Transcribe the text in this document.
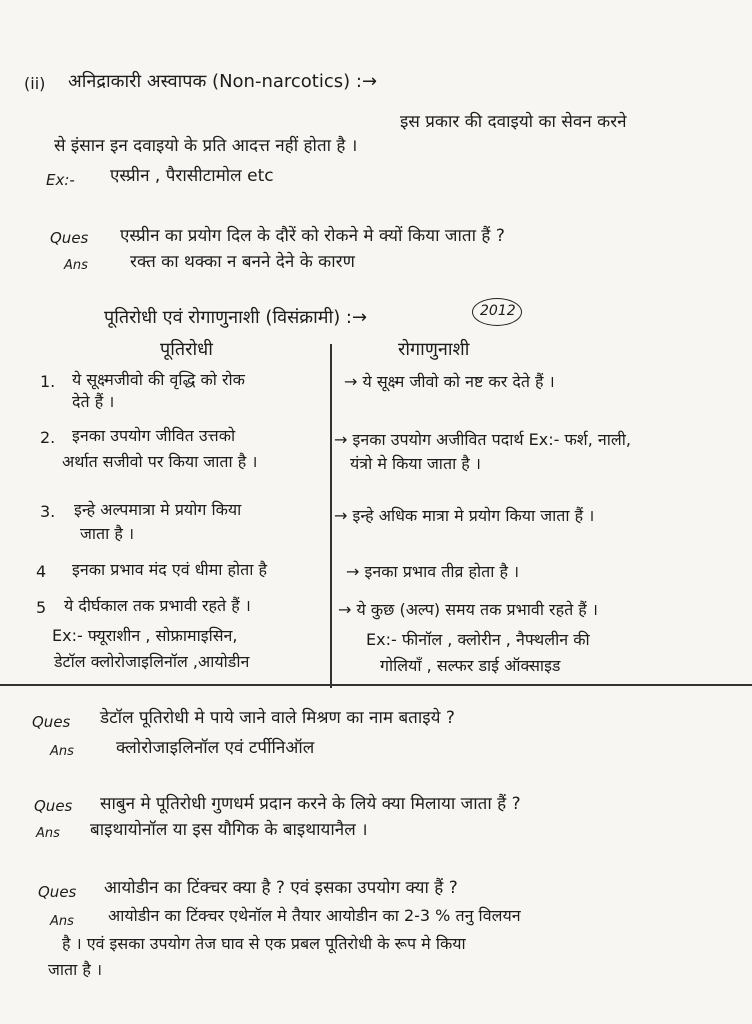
(ii) अनिद्राकारी अस्वापक (Non-narcotics) :→
इस प्रकार की दवाइयो का सेवन करने
से इंसान इन दवाइयो के प्रति आदत्त नहीं होता है ।
Ex:- एस्प्रीन , पैरासीटामोल etc
Ques एस्प्रीन का प्रयोग दिल के दौरें को रोकने मे क्यों किया जाता हैं ?
Ans रक्त का थक्का न बनने देने के कारण
पूतिरोधी एवं रोगाणुनाशी (विसंक्रामी) :→	2012
पूतिरोधी	रोगाणुनाशी
1. ये सूक्ष्मजीवो की वृद्धि को रोक
देते हैं ।
→ ये सूक्ष्म जीवो को नष्ट कर देते हैं ।
2. इनका उपयोग जीवित उत्तको
अर्थात सजीवो पर किया जाता है ।
→ इनका उपयोग अजीवित पदार्थ Ex:- फर्श, नाली,
यंत्रो मे किया जाता है ।
3. इन्हे अल्पमात्रा मे प्रयोग किया
जाता है ।
→ इन्हे अधिक मात्रा मे प्रयोग किया जाता हैं ।
4 इनका प्रभाव मंद एवं धीमा होता है	→ इनका प्रभाव तीव्र होता है ।
5 ये दीर्घकाल तक प्रभावी रहते हैं ।	→ ये कुछ (अल्प) समय तक प्रभावी रहते हैं ।
Ex:- फ्यूराशीन , सोफ्रामाइसिन,
डेटॉल क्लोरोजाइलिनॉल ,आयोडीन
Ex:- फीनॉल , क्लोरीन , नैफ्थलीन की
गोलियाँ , सल्फर डाई ऑक्साइड
Ques डेटॉल पूतिरोधी मे पाये जाने वाले मिश्रण का नाम बताइये ?
Ans क्लोरोजाइलिनॉल एवं टर्पीनिऑल
Ques साबुन मे पूतिरोधी गुणधर्म प्रदान करने के लिये क्या मिलाया जाता हैं ?
Ans बाइथायोनॉल या इस यौगिक के बाइथायानैल ।
Ques आयोडीन का टिंक्चर क्या है ? एवं इसका उपयोग क्या हैं ?
Ans आयोडीन का टिंक्चर एथेनॉल मे तैयार आयोडीन का 2-3 % तनु विलयन
है । एवं इसका उपयोग तेज घाव से एक प्रबल पूतिरोधी के रूप मे किया
जाता है ।
